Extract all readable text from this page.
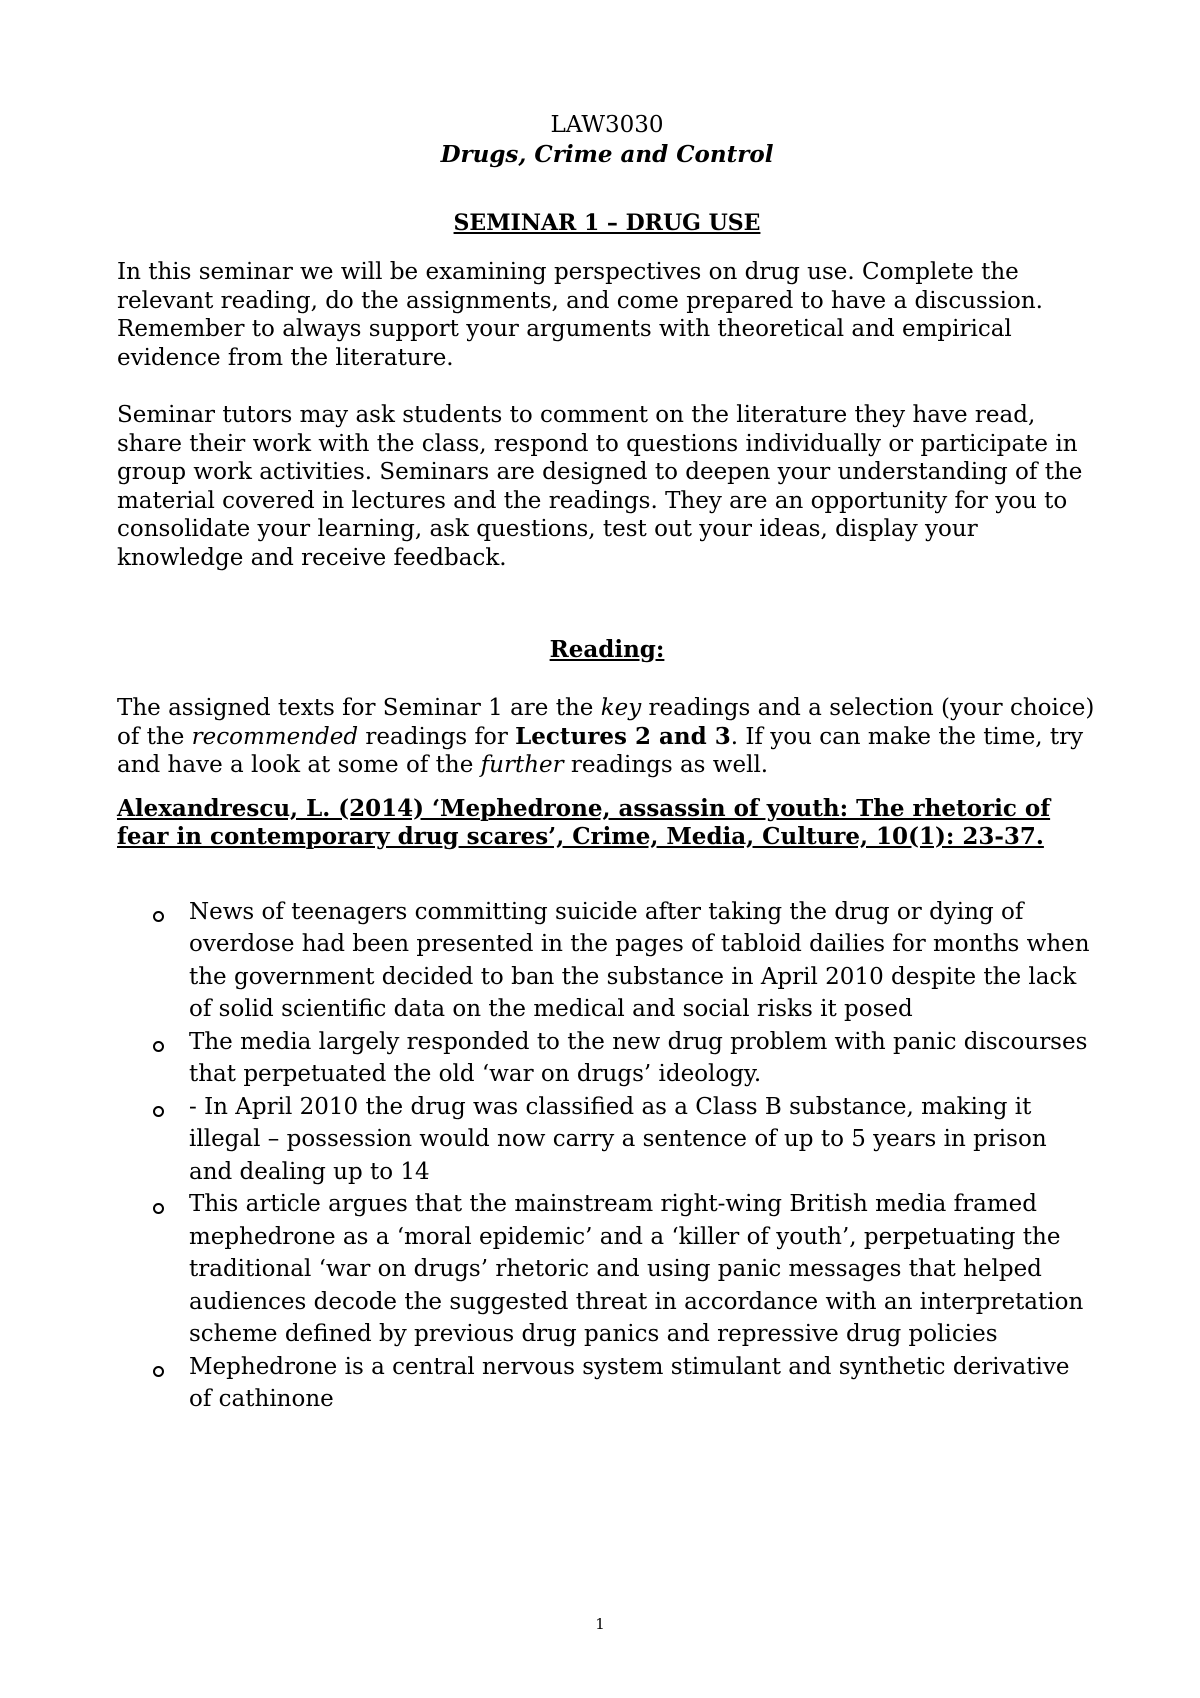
LAW3030

Drugs, Crime and Control

SEMINAR 1 – DRUG USE

In this seminar we will be examining perspectives on drug use. Complete the relevant reading, do the assignments, and come prepared to have a discussion. Remember to always support your arguments with theoretical and empirical evidence from the literature.

Seminar tutors may ask students to comment on the literature they have read, share their work with the class, respond to questions individually or participate in group work activities. Seminars are designed to deepen your understanding of the material covered in lectures and the readings. They are an opportunity for you to consolidate your learning, ask questions, test out your ideas, display your knowledge and receive feedback.

Reading:

The assigned texts for Seminar 1 are the key readings and a selection (your choice) of the recommended readings for Lectures 2 and 3. If you can make the time, try and have a look at some of the further readings as well.

Alexandrescu, L. (2014) ‘Mephedrone, assassin of youth: The rhetoric of fear in contemporary drug scares’, Crime, Media, Culture, 10(1): 23-37.

News of teenagers committing suicide after taking the drug or dying of overdose had been presented in the pages of tabloid dailies for months when the government decided to ban the substance in April 2010 despite the lack of solid scientific data on the medical and social risks it posed
The media largely responded to the new drug problem with panic discourses that perpetuated the old ‘war on drugs’ ideology.
- In April 2010 the drug was classified as a Class B substance, making it illegal – possession would now carry a sentence of up to 5 years in prison and dealing up to 14
This article argues that the mainstream right-wing British media framed mephedrone as a ‘moral epidemic’ and a ‘killer of youth’, perpetuating the traditional ‘war on drugs’ rhetoric and using panic messages that helped audiences decode the suggested threat in accordance with an interpretation scheme defined by previous drug panics and repressive drug policies
Mephedrone is a central nervous system stimulant and synthetic derivative of cathinone
1
